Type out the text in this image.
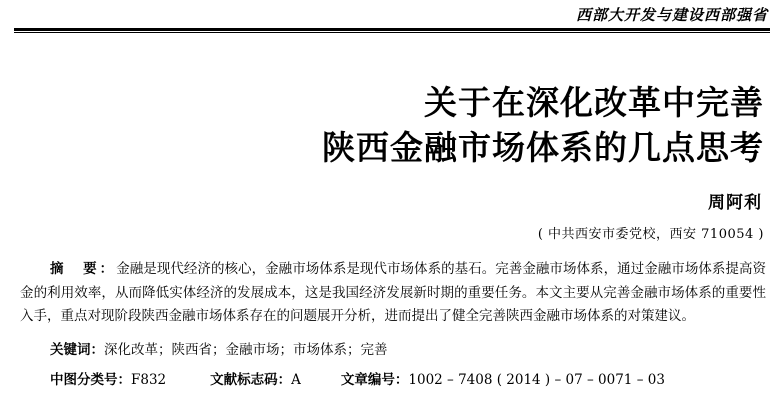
西部大开发与建设西部强省
关于在深化改革中完善
陕西金融市场体系的几点思考
周阿利
( 中共西安市委党校，西安 710054 )
摘　要：金融是现代经济的核心，金融市场体系是现代市场体系的基石。完善金融市场体系，通过金融市场体系提高资金的利用效率，从而降低实体经济的发展成本，这是我国经济发展新时期的重要任务。本文主要从完善金融市场体系的重要性入手，重点对现阶段陕西金融市场体系存在的问题展开分析，进而提出了健全完善陕西金融市场体系的对策建议。
关键词：深化改革；陕西省；金融市场；市场体系；完善
中图分类号：F832	文献标志码：A	文章编号：1002 – 7408 ( 2014 ) – 07 – 0071 – 03
